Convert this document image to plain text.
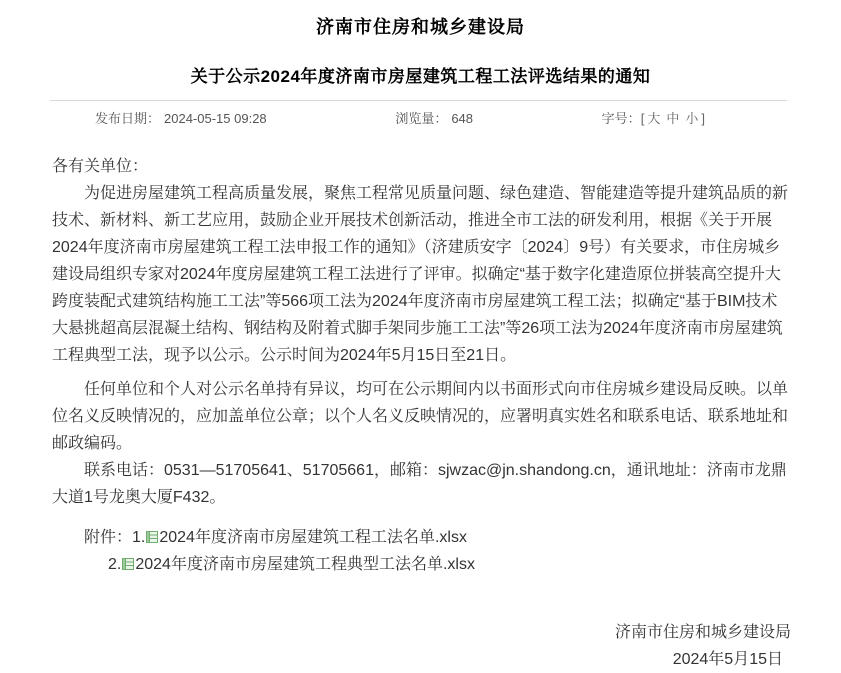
济南市住房和城乡建设局
关于公示2024年度济南市房屋建筑工程工法评选结果的通知
发布日期： 2024-05-15 09:28	浏览量： 648	字号：[ 大 中 小 ]

各有关单位：

为促进房屋建筑工程高质量发展，聚焦工程常见质量问题、绿色建造、智能建造等提升建筑品质的新技术、新材料、新工艺应用，鼓励企业开展技术创新活动，推进全市工法的研发利用，根据《关于开展2024年度济南市房屋建筑工程工法申报工作的通知》（济建质安字〔2024〕9号）有关要求，市住房城乡建设局组织专家对2024年度房屋建筑工程工法进行了评审。拟确定“基于数字化建造原位拼装高空提升大跨度装配式建筑结构施工工法”等566项工法为2024年度济南市房屋建筑工程工法；拟确定“基于BIM技术大悬挑超高层混凝土结构、钢结构及附着式脚手架同步施工工法”等26项工法为2024年度济南市房屋建筑工程典型工法，现予以公示。公示时间为2024年5月15日至21日。

任何单位和个人对公示名单持有异议，均可在公示期间内以书面形式向市住房城乡建设局反映。以单位名义反映情况的，应加盖单位公章；以个人名义反映情况的，应署明真实姓名和联系电话、联系地址和邮政编码。

联系电话：0531—51705641、51705661，邮箱：sjwzac@jn.shandong.cn，通讯地址：济南市龙鼎大道1号龙奥大厦F432。

附件：1. 2024年度济南市房屋建筑工程工法名单.xlsx
2. 2024年度济南市房屋建筑工程典型工法名单.xlsx
济南市住房和城乡建设局
2024年5月15日
